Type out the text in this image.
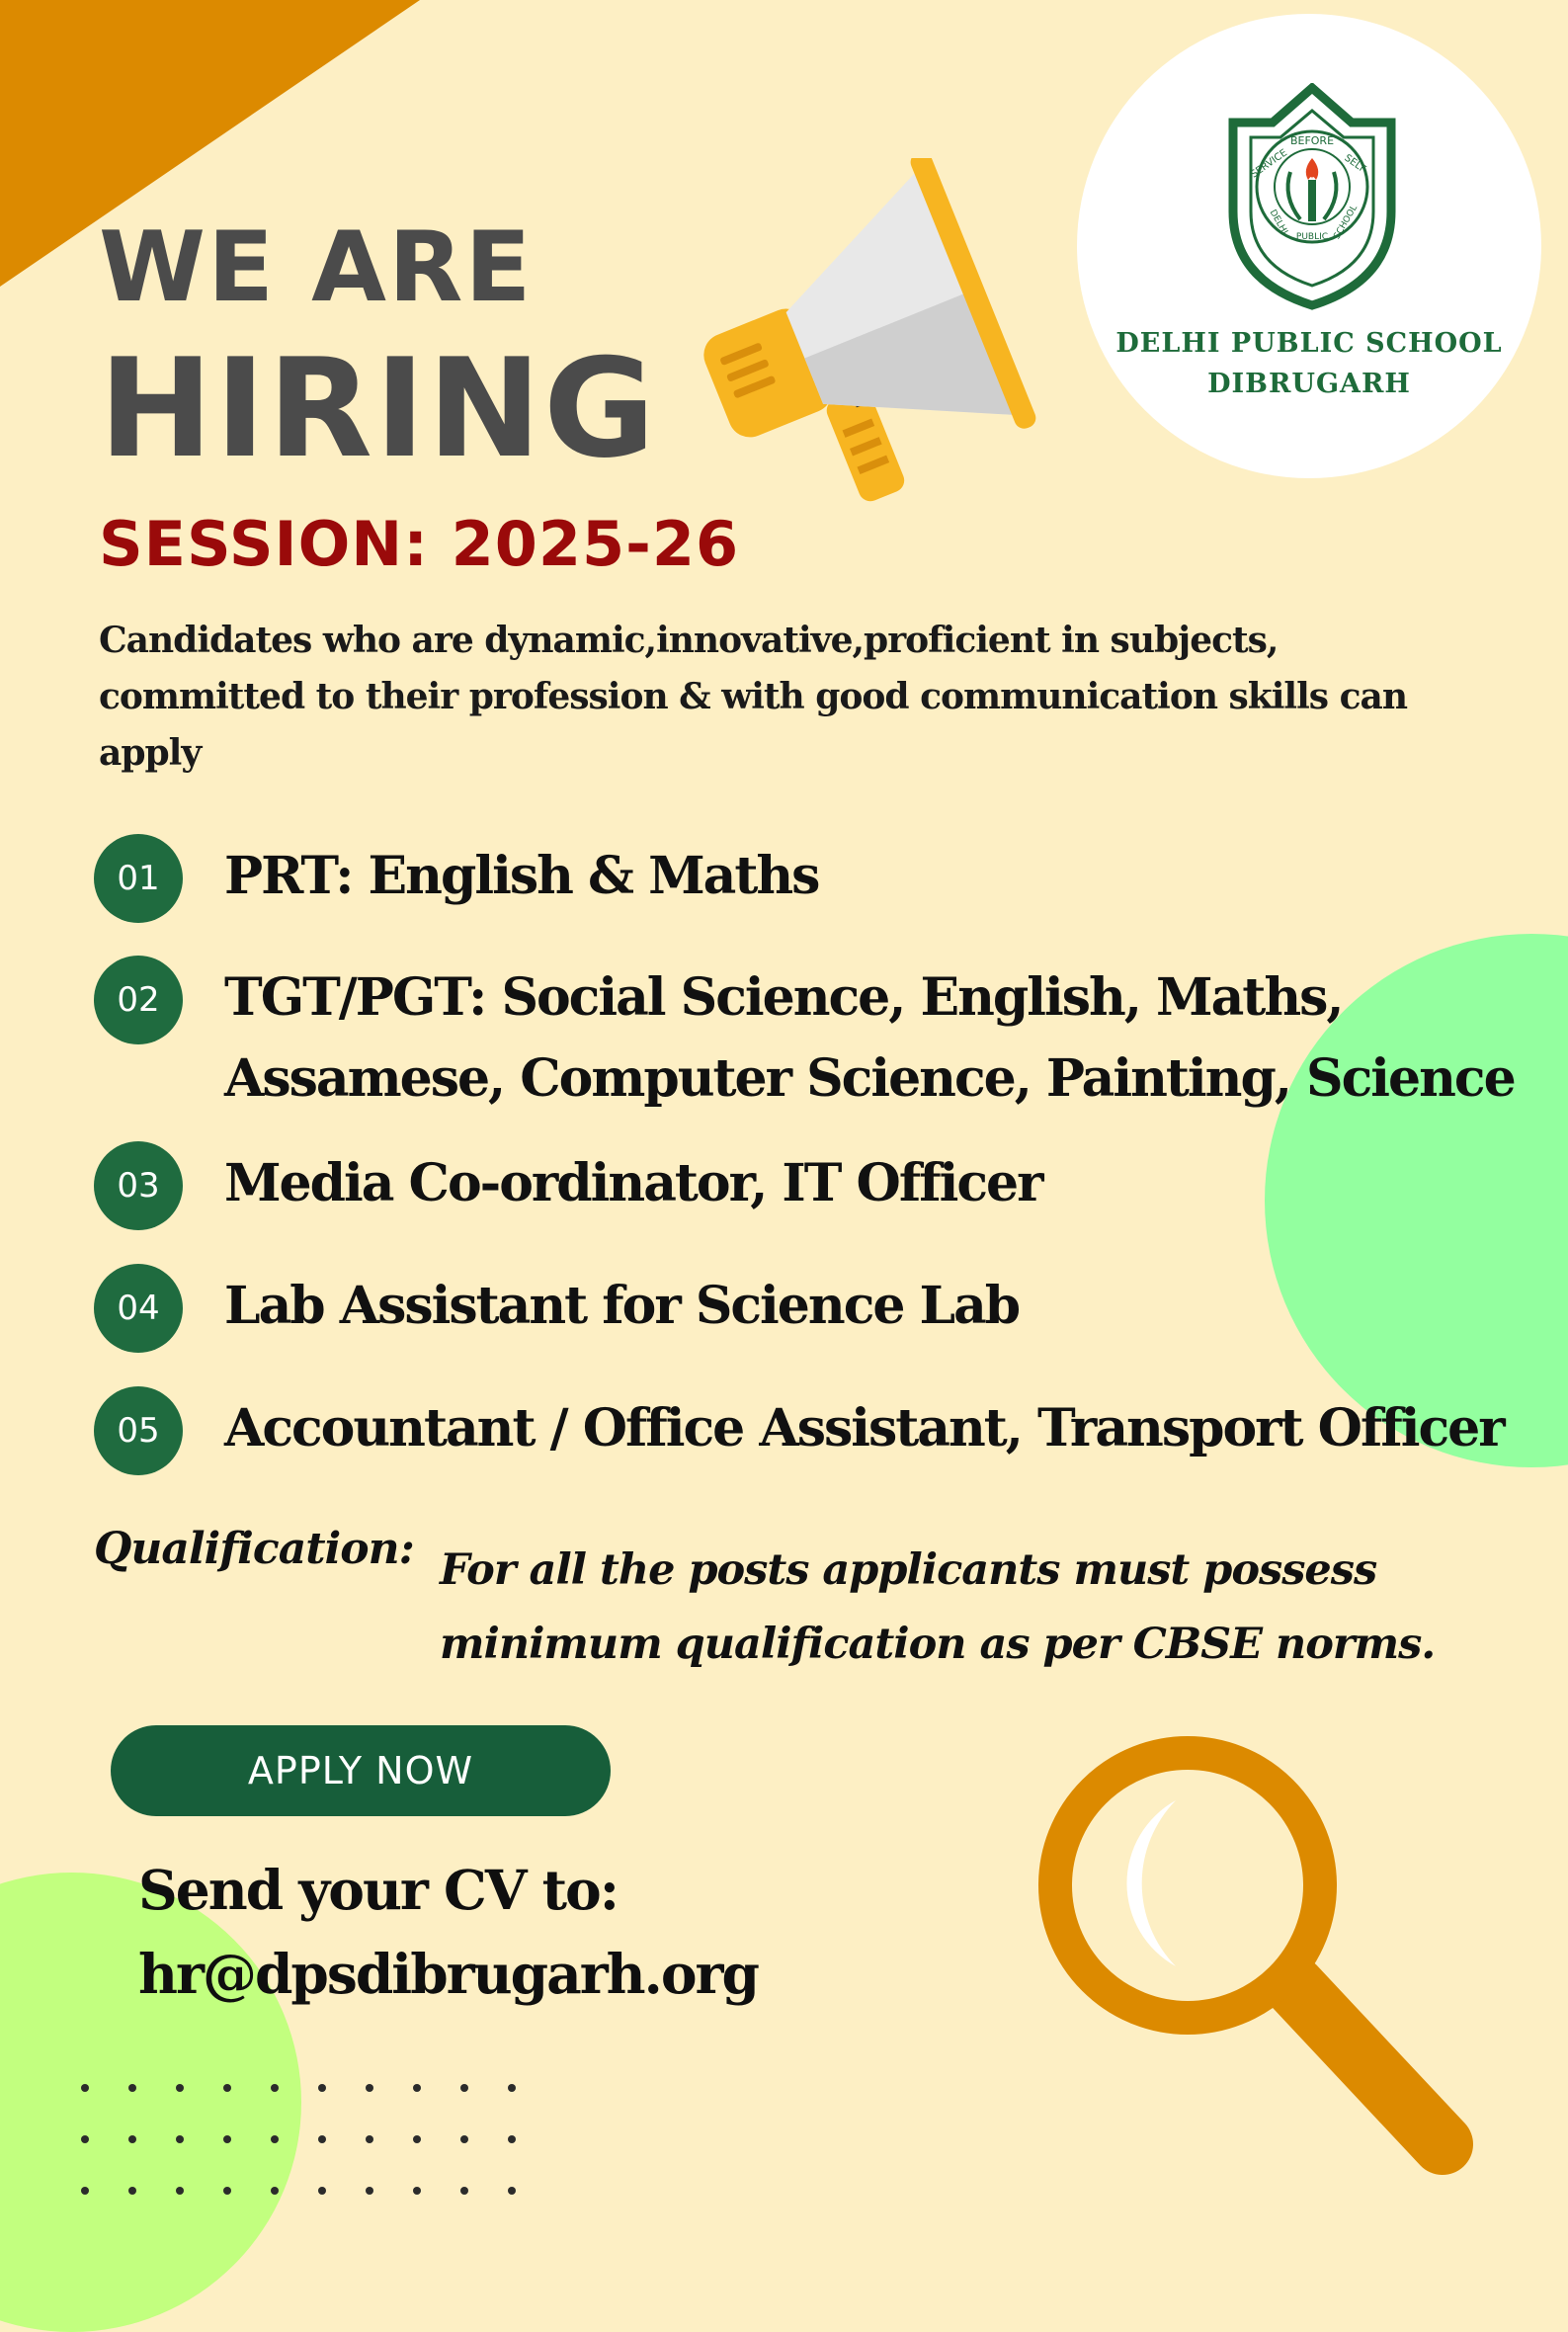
BEFORE
SERVICE	SELF
DELHI
PUBLIC SCHOOL
DELHI PUBLIC SCHOOL
DIBRUGARH
WE ARE
HIRING
SESSION: 2025-26
Candidates who are dynamic,innovative,proficient in subjects, committed to their profession & with good communication skills can apply
01	PRT: English & Maths
02	TGT/PGT: Social Science, English, Maths,
Assamese, Computer Science, Painting, Science
03	Media Co-ordinator, IT Officer
04	Lab Assistant for Science Lab
05	Accountant / Office Assistant, Transport Officer
Qualification: For all the posts applicants must possess
minimum qualification as per CBSE norms.
APPLY NOW
Send your CV to:
hr@dpsdibrugarh.org
